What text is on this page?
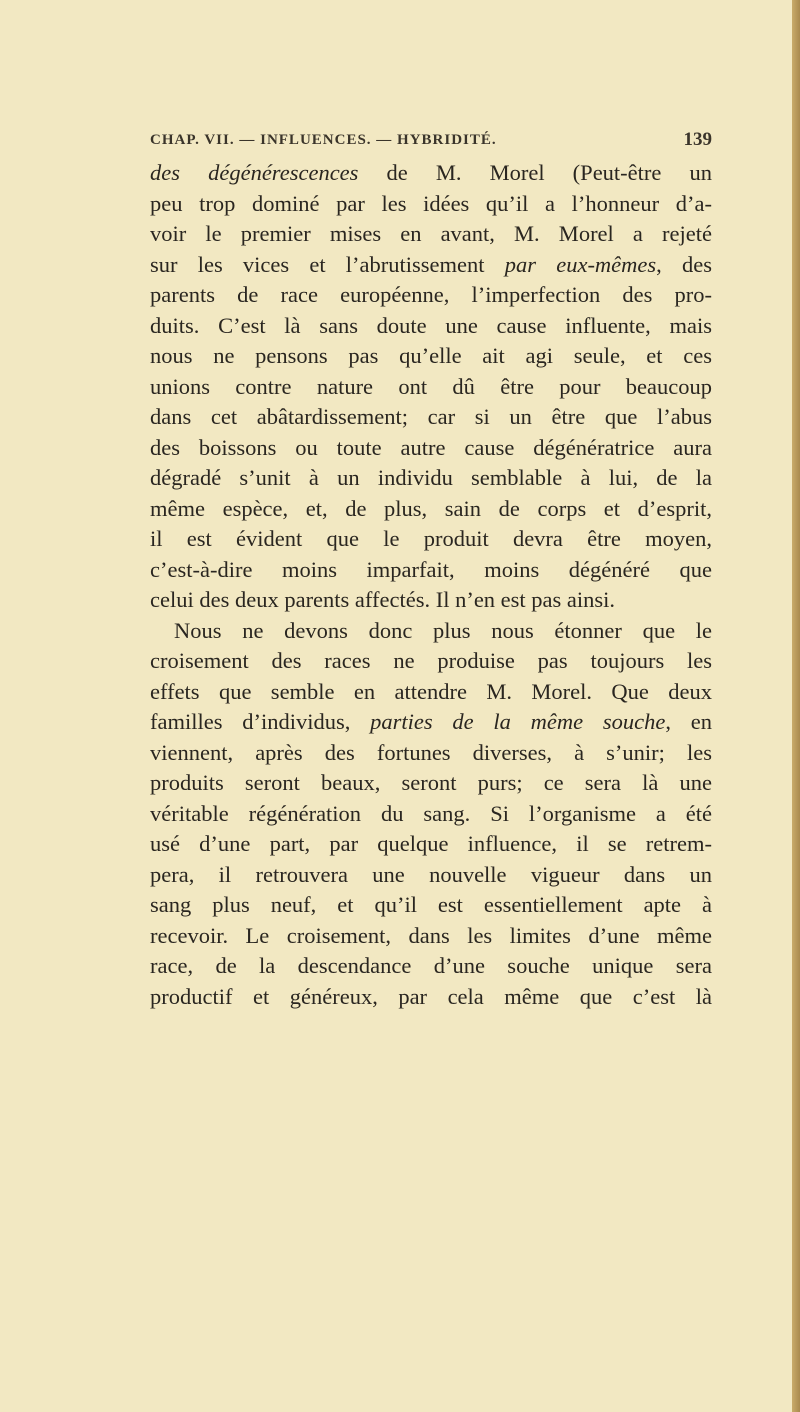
CHAP. VII. — INFLUENCES. — HYBRIDITÉ.	139
des dégénérescences de M. Morel (Peut-être un
peu trop dominé par les idées qu’il a l’honneur d’a-
voir le premier mises en avant, M. Morel a rejeté
sur les vices et l’abrutissement par eux-mêmes, des
parents de race européenne, l’imperfection des pro-
duits. C’est là sans doute une cause influente, mais
nous ne pensons pas qu’elle ait agi seule, et ces
unions contre nature ont dû être pour beaucoup
dans cet abâtardissement; car si un être que l’abus
des boissons ou toute autre cause dégénératrice aura
dégradé s’unit à un individu semblable à lui, de la
même espèce, et, de plus, sain de corps et d’esprit,
il est évident que le produit devra être moyen,
c’est-à-dire moins imparfait, moins dégénéré que
celui des deux parents affectés. Il n’en est pas ainsi.
Nous ne devons donc plus nous étonner que le
croisement des races ne produise pas toujours les
effets que semble en attendre M. Morel. Que deux
familles d’individus, parties de la même souche, en
viennent, après des fortunes diverses, à s’unir; les
produits seront beaux, seront purs; ce sera là une
véritable régénération du sang. Si l’organisme a été
usé d’une part, par quelque influence, il se retrem-
pera, il retrouvera une nouvelle vigueur dans un
sang plus neuf, et qu’il est essentiellement apte à
recevoir. Le croisement, dans les limites d’une même
race, de la descendance d’une souche unique sera
productif et généreux, par cela même que c’est là
